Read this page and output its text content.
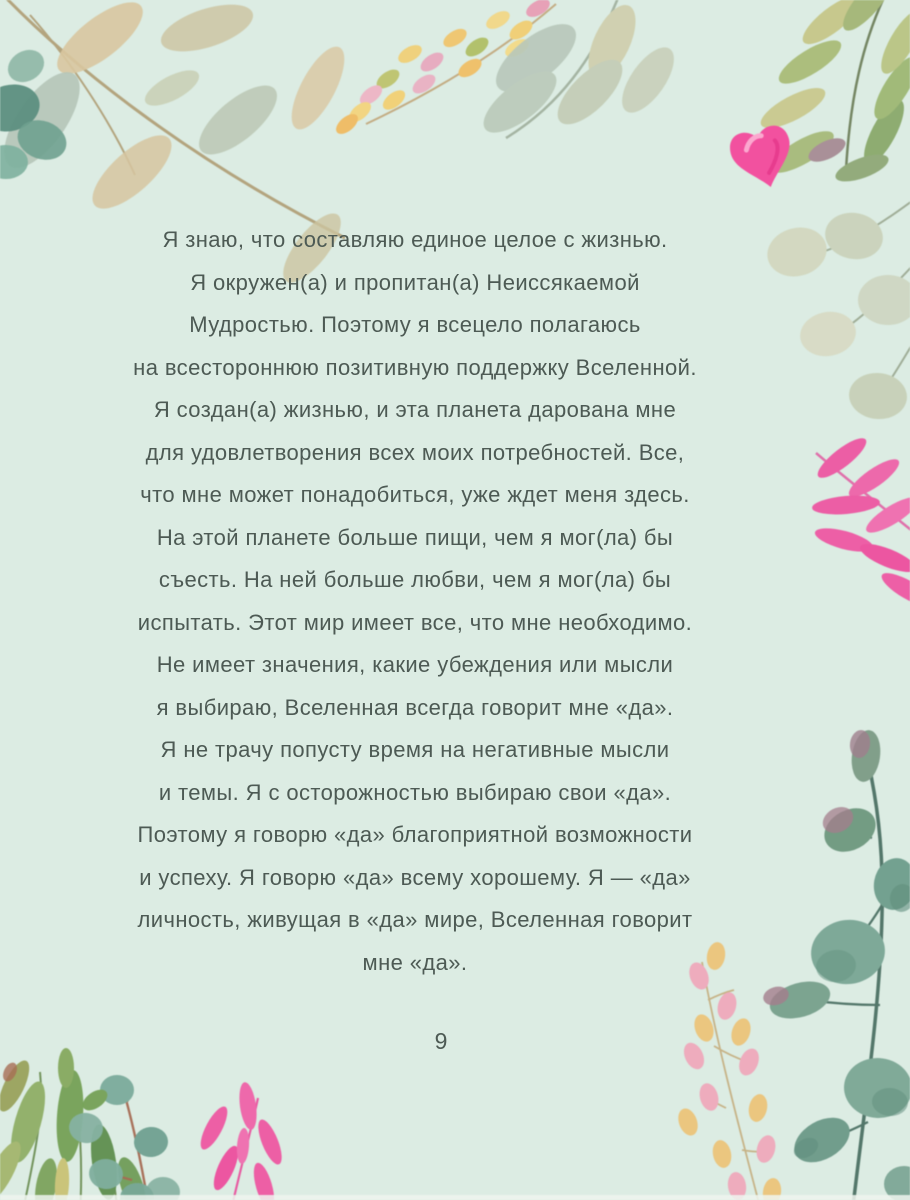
Я знаю, что составляю единое целое с жизнью.
Я окружен(а) и пропитан(а) Неиссякаемой
Мудростью. Поэтому я всецело полагаюсь
на всестороннюю позитивную поддержку Вселенной.
Я создан(а) жизнью, и эта планета дарована мне
для удовлетворения всех моих потребностей. Все,
что мне может понадобиться, уже ждет меня здесь.
На этой планете больше пищи, чем я мог(ла) бы
съесть. На ней больше любви, чем я мог(ла) бы
испытать. Этот мир имеет все, что мне необходимо.
Не имеет значения, какие убеждения или мысли
я выбираю, Вселенная всегда говорит мне «да».
Я не трачу попусту время на негативные мысли
и темы. Я с осторожностью выбираю свои «да».
Поэтому я говорю «да» благоприятной возможности
и успеху. Я говорю «да» всему хорошему. Я — «да»
личность, живущая в «да» мире, Вселенная говорит
мне «да».
9
